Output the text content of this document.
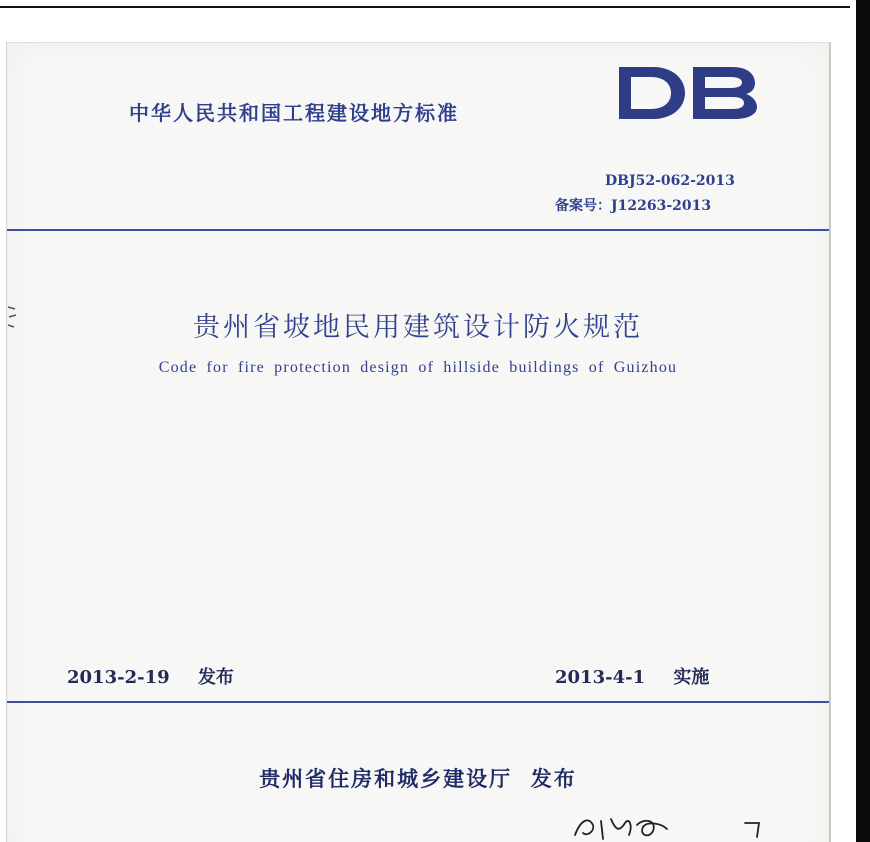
中华人民共和国工程建设地方标准
DBJ52-062-2013
备案号：J12263-2013
贵州省坡地民用建筑设计防火规范
Code for fire protection design of hillside buildings of Guizhou
2013-2-19 发布	2013-4-1 实施
贵州省住房和城乡建设厅  发布
